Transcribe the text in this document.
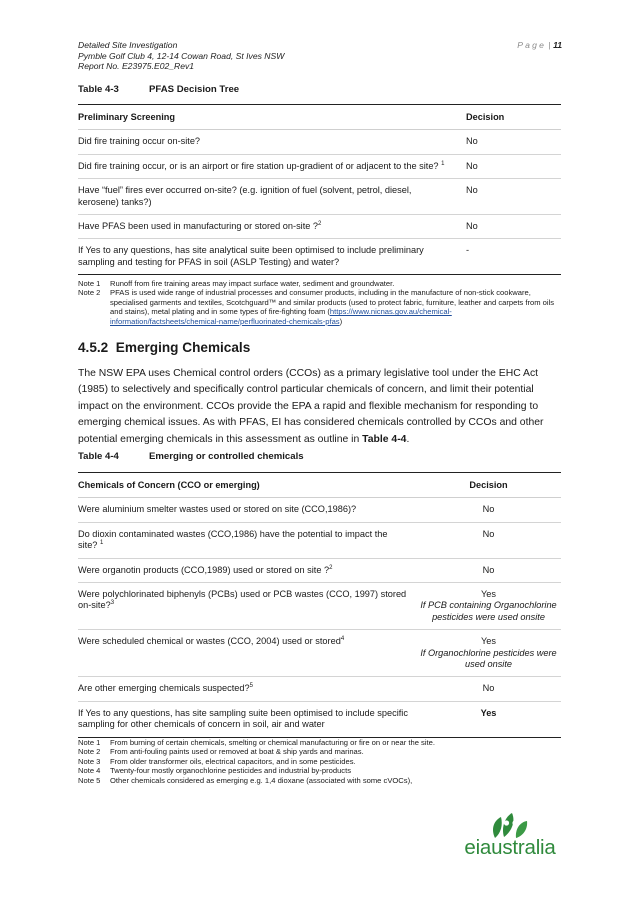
Detailed Site Investigation
Pymble Golf Club 4, 12-14 Cowan Road, St Ives NSW
Report No. E23975.E02_Rev1
Page | 11
Table 4-3	PFAS Decision Tree
Preliminary Screening	Decision
Did fire training occur on-site?	No
Did fire training occur, or is an airport or fire station up-gradient of or adjacent to the site? $^1$	No
Have “fuel” fires ever occurred on-site? (e.g. ignition of fuel (solvent, petrol, diesel, kerosene) tanks?)	No
Have PFAS been used in manufacturing or stored on-site ?$^2$	No
If Yes to any questions, has site analytical suite been optimised to include preliminary sampling and testing for PFAS in soil (ASLP Testing) and water?	-
Note 1	Runoff from fire training areas may impact surface water, sediment and groundwater.
Note 2	PFAS is used wide range of industrial processes and consumer products, including in the manufacture of non-stick cookware, specialised garments and textiles, Scotchguard™ and similar products (used to protect fabric, furniture, leather and carpets from oils and stains), metal plating and in some types of fire-fighting foam (https://www.nicnas.gov.au/chemical-information/factsheets/chemical-name/perfluorinated-chemicals-pfas)
4.5.2 Emerging Chemicals
The NSW EPA uses Chemical control orders (CCOs) as a primary legislative tool under the EHC Act (1985) to selectively and specifically control particular chemicals of concern, and limit their potential impact on the environment. CCOs provide the EPA a rapid and flexible mechanism for responding to emerging chemical issues. As with PFAS, EI has considered chemicals controlled by CCOs and other potential emerging chemicals in this assessment as outline in Table 4-4.
Table 4-4	Emerging or controlled chemicals
Chemicals of Concern (CCO or emerging)	Decision
Were aluminium smelter wastes used or stored on site (CCO,1986)?	No
Do dioxin contaminated wastes (CCO,1986) have the potential to impact the site? $^1$	No
Were organotin products (CCO,1989) used or stored on site ?$^2$	No
Were polychlorinated biphenyls (PCBs) used or PCB wastes (CCO, 1997) stored on-site?$^3$	Yes
If PCB containing Organochlorine pesticides were used onsite

Were scheduled chemical or wastes (CCO, 2004) used or stored$^4$	Yes
If Organochlorine pesticides were used onsite

Are other emerging chemicals suspected?$^5$	No
If Yes to any questions, has site sampling suite been optimised to include specific sampling for other chemicals of concern in soil, air and water	Yes
Note 1	From burning of certain chemicals, smelting or chemical manufacturing or fire on or near the site.
Note 2	From anti-fouling paints used or removed at boat & ship yards and marinas.
Note 3	From older transformer oils, electrical capacitors, and in some pesticides.
Note 4	Twenty-four mostly organochlorine pesticides and industrial by-products
Note 5	Other chemicals considered as emerging e.g. 1,4 dioxane (associated with some cVOCs),
eiaustralia
